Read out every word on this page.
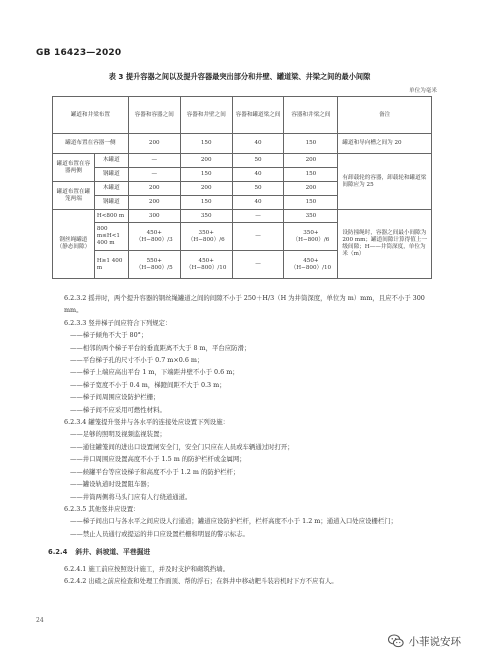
GB 16423—2020
表 3 提升容器之间以及提升容器最突出部分和井壁、罐道梁、井梁之间的最小间隙
单位为毫米
罐道和井梁布置		容器和容器之间	容器和井壁之间	容器和罐道梁之间	容器和井梁之间	备注
罐道布置在容器一侧		200	150	40	150	罐道和导向槽之间为 20
罐道布置在容器两侧	木罐道	—	200	50	200	有卸载轮的容器，卸载轮和罐道梁间隙应为 25
	钢罐道	—	150	40	150	
罐道布置在罐笼两端	木罐道	200	200	50	200	
	钢罐道	200	150	40	150	
钢丝绳罐道（静态间隙）	H<800 m	300	350	—	350	设防撞绳时，容器之间最小间隙为 200 mm；罐道间隙计算得值上一级间隙；H——井筒深度，单位为米（m）
	800 m≤H<1 400 m	450+（H−800）/3	350+（H−800）/6	—	350+（H−800）/6	
	H≥1 400 m	550+（H−800）/5	450+（H−800）/10	—	450+（H−800）/10	

6.2.3.2 摇井时，两个提升容器的钢丝绳罐道之间的间隙不小于 250＋H/3（H 为井筒深度，单位为 m）mm，且应不小于 300 mm。

6.2.3.3 竖井梯子间应符合下列规定：

——梯子倾角不大于 80°；

——相邻的两个梯子平台的垂直距离不大于 8 m，平台应防滑；

——平台梯子孔的尺寸不小于 0.7 m×0.6 m；

——梯子上端应高出平台 1 m，下端距井壁不小于 0.6 m；

——梯子宽度不小于 0.4 m，梯蹬间距不大于 0.3 m；

——梯子间周围应设防护栏栅；

——梯子间不应采用可燃性材料。

6.2.3.4 罐笼提升竖井与各水平的连接处应设置下列设施：

——足够的照明及视频监视装置；

——通往罐笼间的进出口设置闸安全门，安全门只应在人员或车辆通过时打开；

——井口周围应设置高度不小于 1.5 m 的防护栏杆或金属网；

——候罐平台等应设梯子和高度不小于 1.2 m 的防护栏杆；

——罐设轨道时设置阻车器；

——井筒两侧将马头门应有人行绕道通道。

6.2.3.5 其他竖井应设置：

——梯子间出口与各水平之间应设人行通道；罐道应设防护栏杆，栏杆高度不小于 1.2 m；通道入口处应设栅栏门；

——禁止人员通行或提运的井口应设置栏栅和明显的警示标志。

6.2.4 斜井、斜坡道、平巷掘进

6.2.4.1 施工前应按照设计施工，并及时支护和砌筑挡墙。

6.2.4.2 出碴之前应检查和处理工作面顶、帮的浮石；在斜井中移动耙斗装岩机时下方不应有人。

24
小菲说安环
